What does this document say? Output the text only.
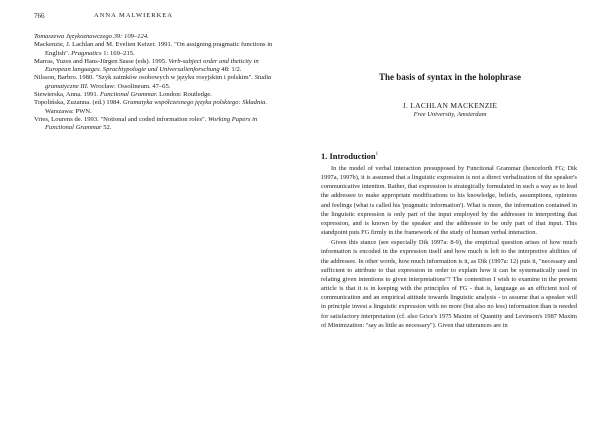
766	ANNA MALWIERKEA

Tomaszewa Językoznawczego 39: 109–124.

Mackenzie, J. Lachlan and M. Evelien Keizer. 1991. "On assigning pragmatic functions in English". Pragmatics 1: 169–215.

Marras, Yuzes and Hans-Jürgen Sasse (eds). 1995. Verb-subject order and theticity in European languages. Sprachtypologie und Universalienforschung 48: 1/2.

Nilsson, Barbro. 1980. "Szyk zaimków osobowych w języku rosyjskim i polskim". Studia gramatyczne III. Wrocław: Ossolineum. 47–65.

Siewierska, Anna. 1991. Functional Grammar. London: Routledge.

Topolińska, Zuzanna. (ed.) 1984. Gramatyka współczesnego języka polskiego: Składnia. Warszawa: PWN.

Vries, Lourens de. 1993. "Notional and coded information roles". Working Papers in Functional Grammar 52.

The basis of syntax in the holophrase
J. LACHLAN MACKENZIE
Free University, Amsterdam
1. Introduction$^1$

In the model of verbal interaction presupposed by Functional Grammar (henceforth FG; Dik 1997a, 1997b), it is assumed that a linguistic expression is not a direct verbalization of the speaker's communicative intention. Rather, that expression is strategically formulated in such a way as to lead the addressee to make appropriate modifications to his knowledge, beliefs, assumptions, opinions and feelings (what is called his 'pragmatic information'). What is more, the information contained in the linguistic expression is only part of the input employed by the addressee in interpreting that expression, and is known by the speaker and the addressee to be only part of that input. This standpoint puts FG firmly in the framework of the study of human verbal interaction.

Given this stance (see especially Dik 1997a: 8-9), the empirical question arises of how much information is encoded in the expression itself and how much is left to the interpretive abilities of the addressee. In other words, how much information is it, as Dik (1997a: 12) puts it, "necessary and sufficient to attribute to that expression in order to explain how it can be systematically used in relating given intentions to given interpretations"? The contention I wish to examine in the present article is that it is in keeping with the principles of FG - that is, language as an efficient tool of communication and an empirical attitude towards linguistic analysis - to assume that a speaker will in principle invest a linguistic expression with no more (but also no less) information than is needed for satisfactory interpretation (cf. also Grice's 1975 Maxim of Quantity and Levinson's 1987 Maxim of Minimization: "say as little as necessary"). Given that utterances are in
